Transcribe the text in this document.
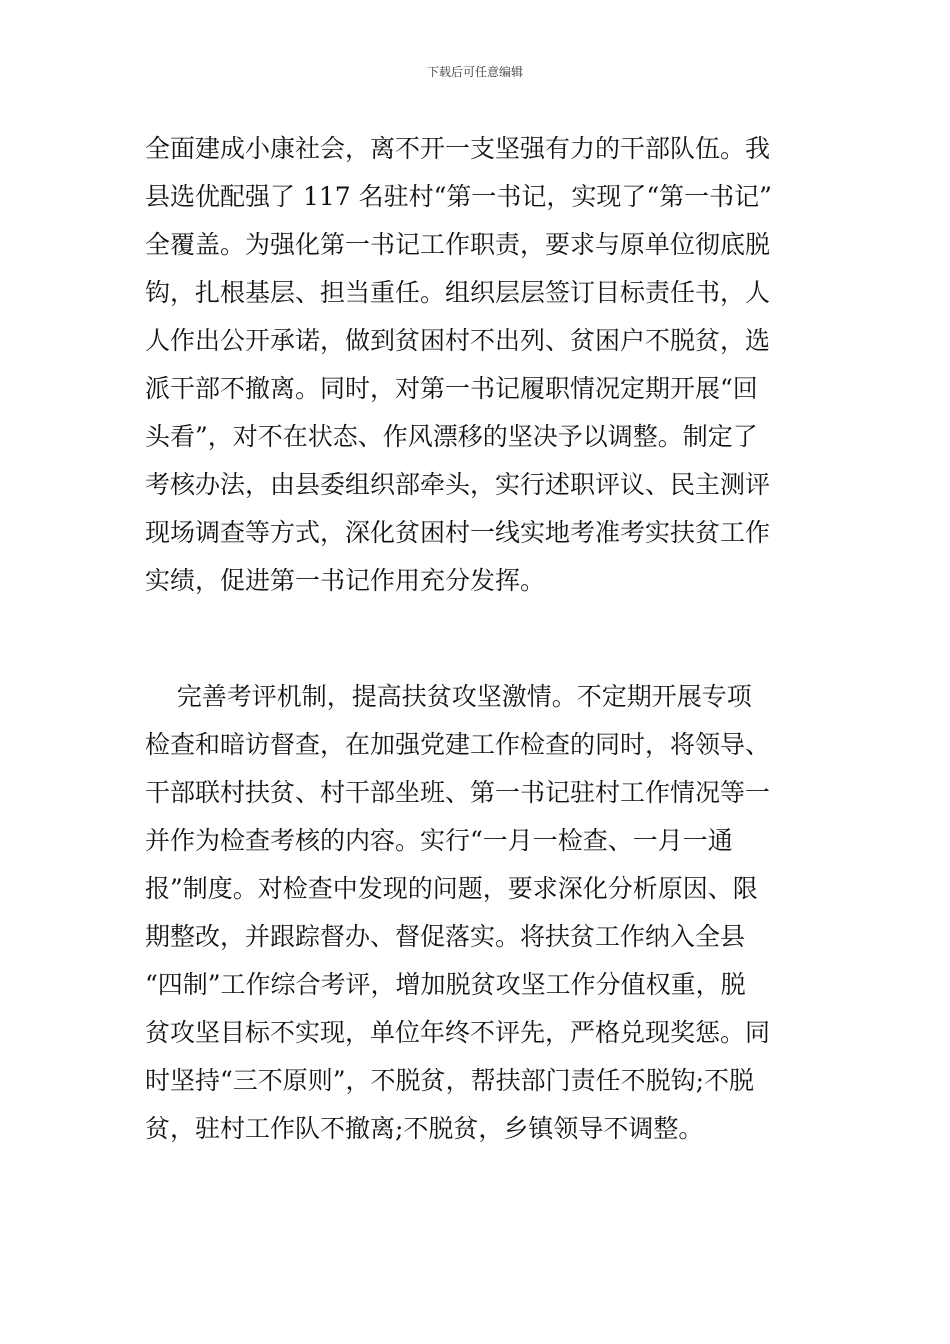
下载后可任意编辑
全面建成小康社会，离不开一支坚强有力的干部队伍。我
县选优配强了 117 名驻村“第一书记，实现了“第一书记”
全覆盖。为强化第一书记工作职责，要求与原单位彻底脱
钩，扎根基层、担当重任。组织层层签订目标责任书，人
人作出公开承诺，做到贫困村不出列、贫困户不脱贫，选
派干部不撤离。同时，对第一书记履职情况定期开展“回
头看”，对不在状态、作风漂移的坚决予以调整。制定了
考核办法，由县委组织部牵头，实行述职评议、民主测评
现场调查等方式，深化贫困村一线实地考准考实扶贫工作
实绩，促进第一书记作用充分发挥。
完善考评机制，提高扶贫攻坚激情。不定期开展专项
检查和暗访督查，在加强党建工作检查的同时，将领导、
干部联村扶贫、村干部坐班、第一书记驻村工作情况等一
并作为检查考核的内容。实行“一月一检查、一月一通
报”制度。对检查中发现的问题，要求深化分析原因、限
期整改，并跟踪督办、督促落实。将扶贫工作纳入全县
“四制”工作综合考评，增加脱贫攻坚工作分值权重，脱
贫攻坚目标不实现，单位年终不评先，严格兑现奖惩。同
时坚持“三不原则”，不脱贫，帮扶部门责任不脱钩;不脱
贫，驻村工作队不撤离;不脱贫，乡镇领导不调整。
